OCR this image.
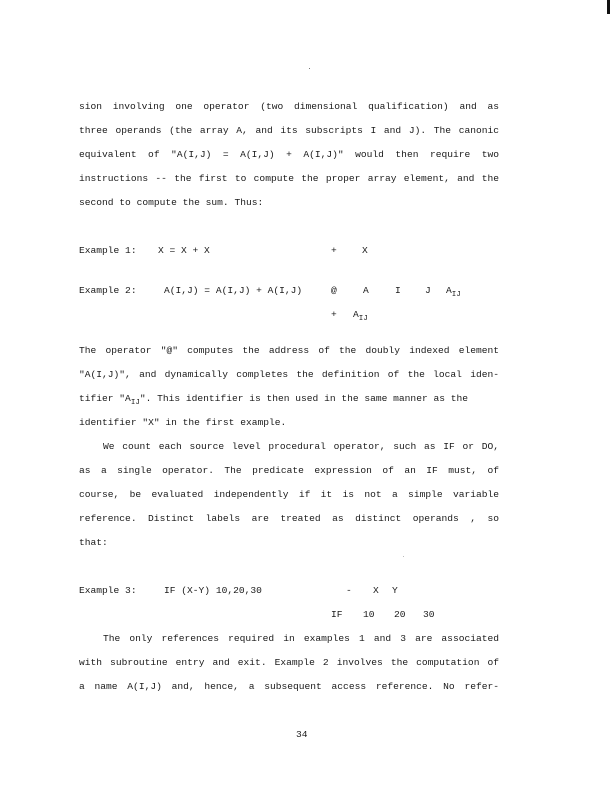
sion involving one operator (two dimensional qualification) and as
three operands (the array A, and its subscripts I and J). The canonic
equivalent of "A(I,J) = A(I,J) + A(I,J)" would then require two
instructions -- the first to compute the proper array element, and the
second to compute the sum. Thus:
Example 1: X = X + X	+	X
Example 2:	A(I,J) = A(I,J) + A(I,J)	@	A	I	J $A_{IJ}$
+ $A_{IJ}$
The operator "@" computes the address of the doubly indexed element
"A(I,J)", and dynamically completes the definition of the local iden-
tifier "$A_{IJ}$". This identifier is then used in the same manner as the
identifier "X" in the first example.
We count each source level procedural operator, such as IF or DO,
as a single operator. The predicate expression of an IF must, of
course, be evaluated independently if it is not a simple variable
reference. Distinct labels are treated as distinct operands , so
that:
Example 3:	IF (X-Y) 10,20,30	- X Y
IF 10 20 30
The only references required in examples 1 and 3 are associated
with subroutine entry and exit. Example 2 involves the computation of
a name A(I,J) and, hence, a subsequent access reference. No refer-
34
